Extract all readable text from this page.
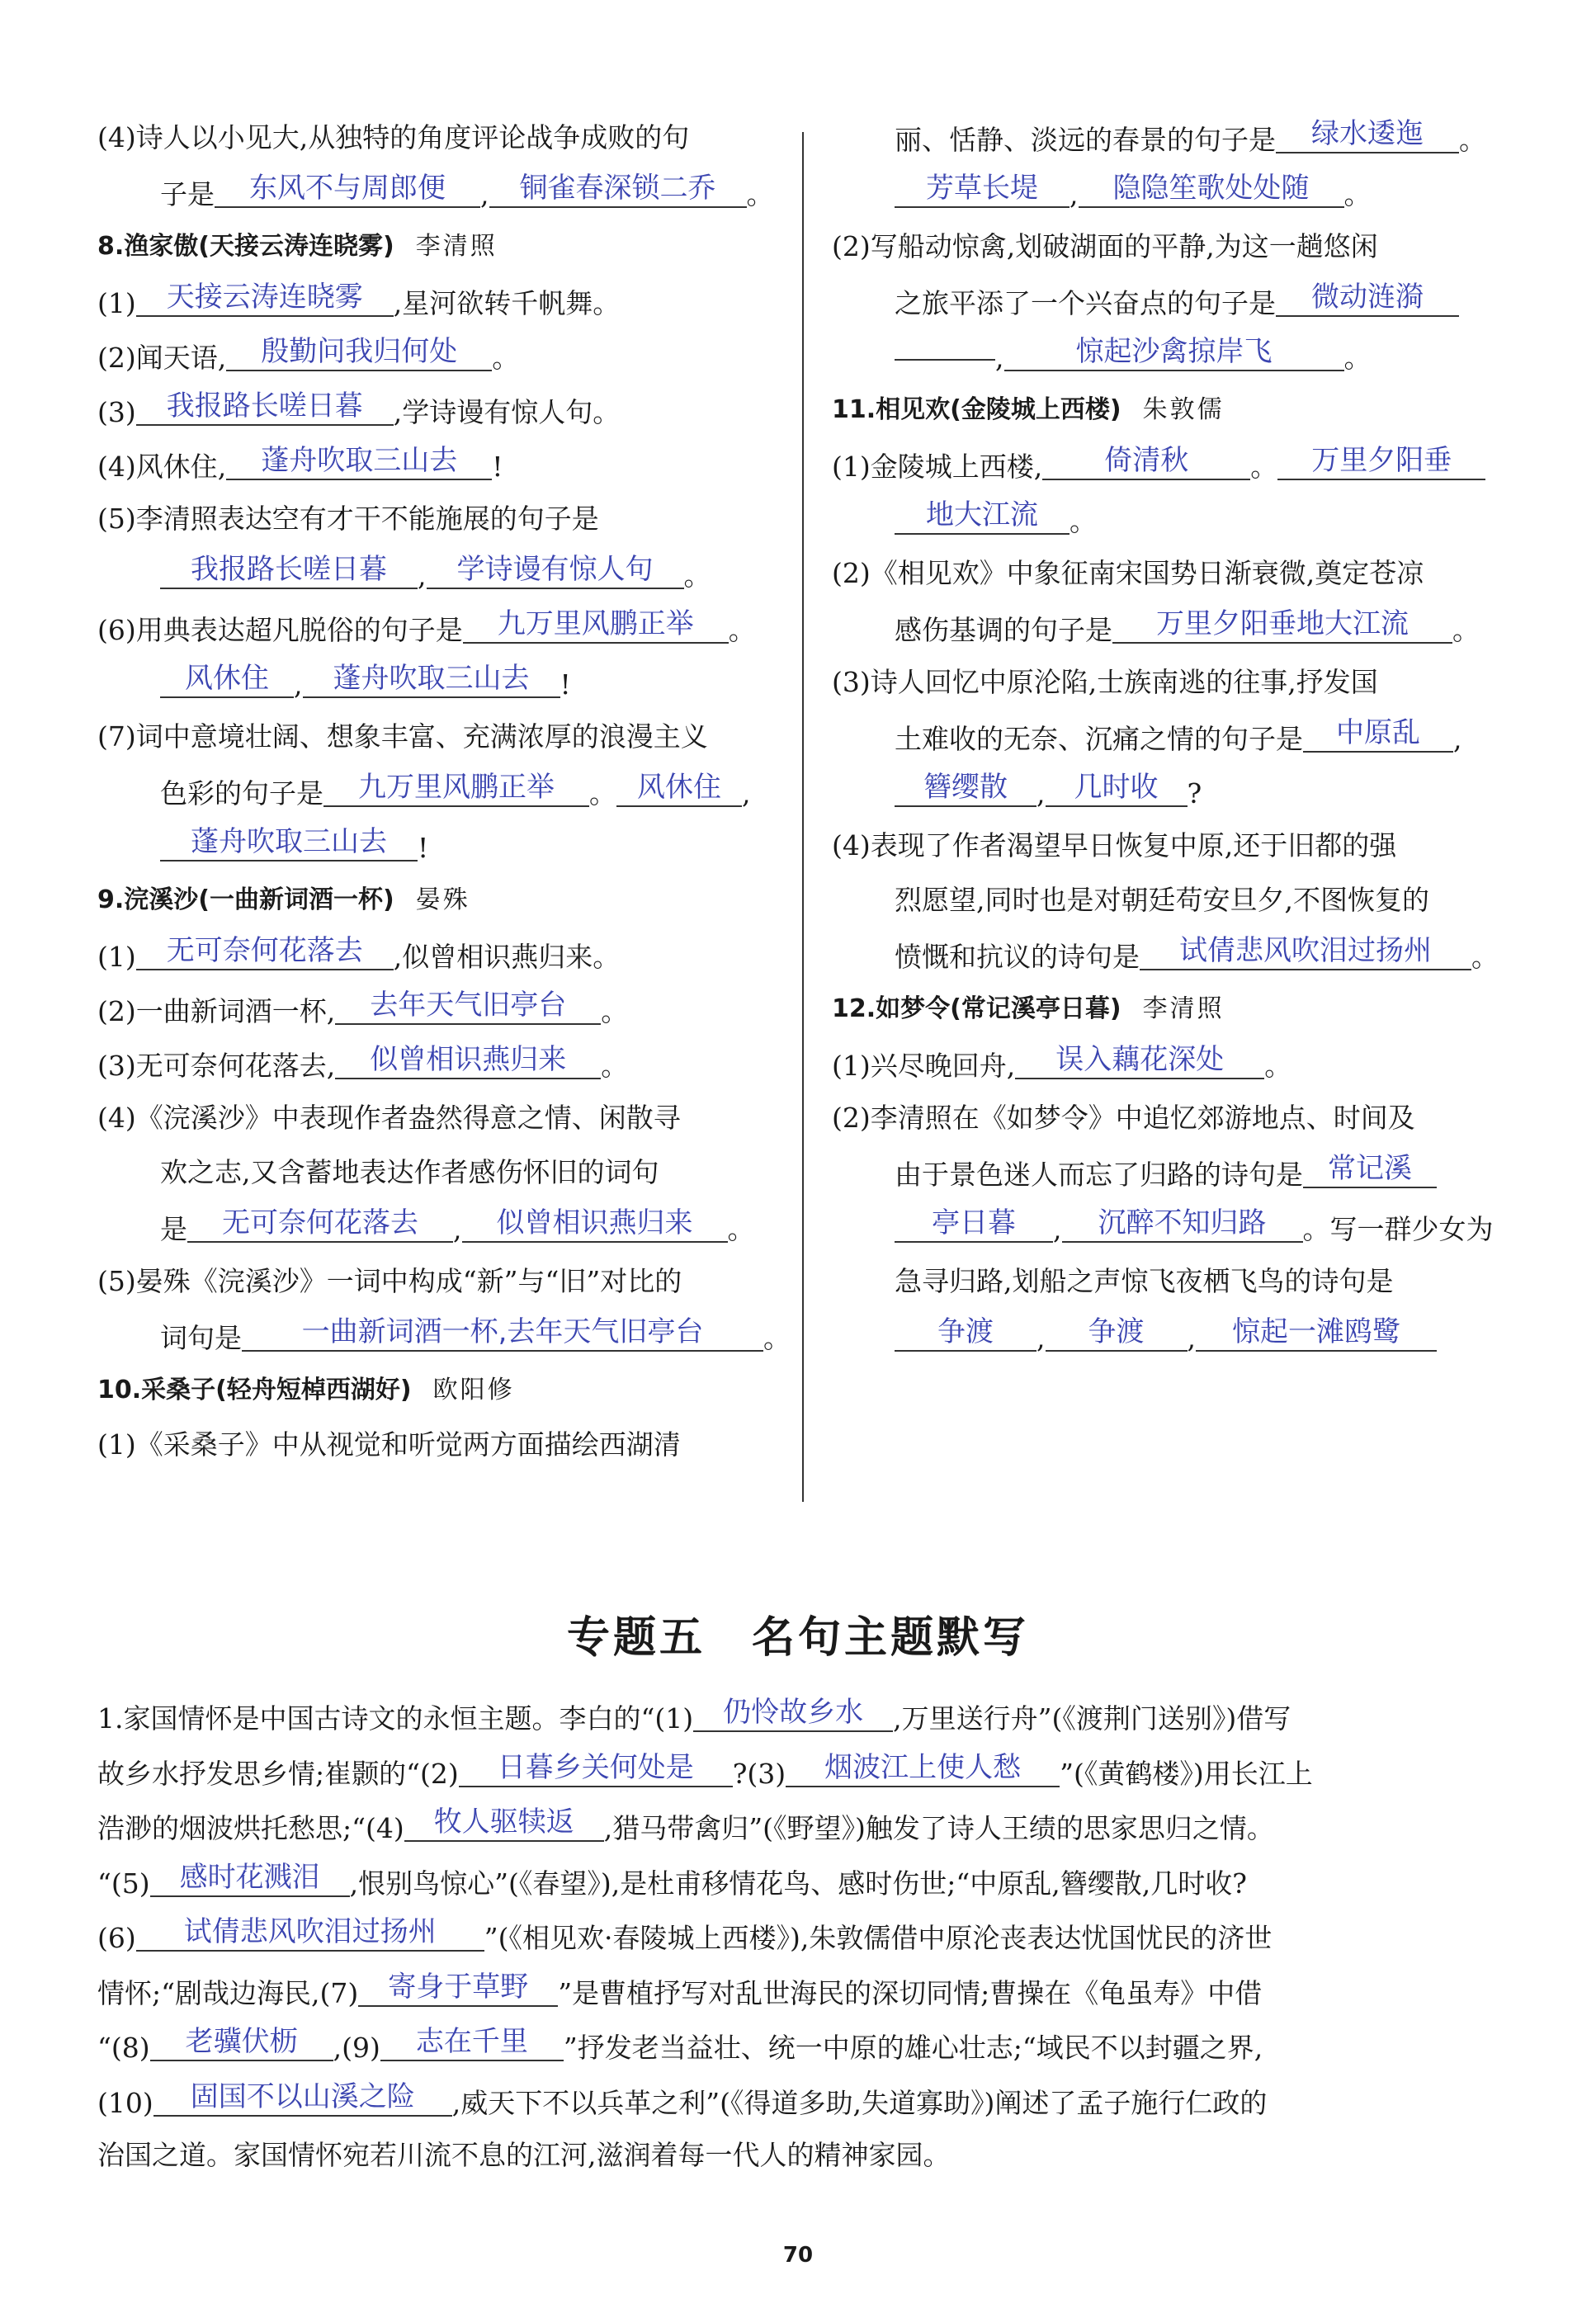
(4)诗人以小见大,从独特的角度评论战争成败的句
子是 东风不与周郎便 , 铜雀春深锁二乔 。
8.渔家傲(天接云涛连晓雾) 李清照
(1) 天接云涛连晓雾 ,星河欲转千帆舞。
(2)闻天语, 殷勤问我归何处 。
(3) 我报路长嗟日暮 ,学诗谩有惊人句。
(4)风休住, 蓬舟吹取三山去 !
(5)李清照表达空有才干不能施展的句子是
我报路长嗟日暮 , 学诗谩有惊人句 。
(6)用典表达超凡脱俗的句子是 九万里风鹏正举 。
风休住 , 蓬舟吹取三山去 !
(7)词中意境壮阔、想象丰富、充满浓厚的浪漫主义
色彩的句子是 九万里风鹏正举 。 风休住 ,
蓬舟吹取三山去 !
9.浣溪沙(一曲新词酒一杯) 晏殊
(1) 无可奈何花落去 ,似曾相识燕归来。
(2)一曲新词酒一杯, 去年天气旧亭台 。
(3)无可奈何花落去, 似曾相识燕归来 。
(4)《浣溪沙》中表现作者盎然得意之情、闲散寻
欢之志,又含蓄地表达作者感伤怀旧的词句
是 无可奈何花落去 , 似曾相识燕归来 。
(5)晏殊《浣溪沙》一词中构成“新”与“旧”对比的
词句是 一曲新词酒一杯,去年天气旧亭台 。
10.采桑子(轻舟短棹西湖好) 欧阳修
(1)《采桑子》中从视觉和听觉两方面描绘西湖清
丽、恬静、淡远的春景的句子是 绿水逶迤 。
芳草长堤 , 隐隐笙歌处处随 。
(2)写船动惊禽,划破湖面的平静,为这一趟悠闲
之旅平添了一个兴奋点的句子是 微动涟漪
,	惊起沙禽掠岸飞	。
11.相见欢(金陵城上西楼) 朱敦儒
(1)金陵城上西楼, 倚清秋 。 万里夕阳垂
地大江流 。
(2)《相见欢》中象征南宋国势日渐衰微,奠定苍凉
感伤基调的句子是 万里夕阳垂地大江流 。
(3)诗人回忆中原沦陷,士族南逃的往事,抒发国
土难收的无奈、沉痛之情的句子是 中原乱 ,
簪缨散 , 几时收 ?
(4)表现了作者渴望早日恢复中原,还于旧都的强
烈愿望,同时也是对朝廷苟安旦夕,不图恢复的
愤慨和抗议的诗句是 试倩悲风吹泪过扬州 。
12.如梦令(常记溪亭日暮) 李清照
(1)兴尽晚回舟, 误入藕花深处 。
(2)李清照在《如梦令》中追忆郊游地点、时间及
由于景色迷人而忘了归路的诗句是 常记溪
亭日暮 , 沉醉不知归路 。写一群少女为
急寻归路,划船之声惊飞夜栖飞鸟的诗句是
争渡 , 争渡 , 惊起一滩鸥鹭
专题五　名句主题默写
1.家国情怀是中国古诗文的永恒主题。李白的“(1) 仍怜故乡水 ,万里送行舟”(《渡荆门送别》)借写
故乡水抒发思乡情;崔颢的“(2) 日暮乡关何处是 ?(3) 烟波江上使人愁 ”(《黄鹤楼》)用长江上
浩渺的烟波烘托愁思;“(4) 牧人驱犊返 ,猎马带禽归”(《野望》)触发了诗人王绩的思家思归之情。
“(5) 感时花溅泪 ,恨别鸟惊心”(《春望》),是杜甫移情花鸟、感时伤世;“中原乱,簪缨散,几时收?
(6) 试倩悲风吹泪过扬州 ”(《相见欢·春陵城上西楼》),朱敦儒借中原沦丧表达忧国忧民的济世
情怀;“剧哉边海民,(7) 寄身于草野 ”是曹植抒写对乱世海民的深切同情;曹操在《龟虽寿》中借
“(8) 老骥伏枥 ,(9) 志在千里 ”抒发老当益壮、统一中原的雄心壮志;“域民不以封疆之界,
(10) 固国不以山溪之险 ,威天下不以兵革之利”(《得道多助,失道寡助》)阐述了孟子施行仁政的
治国之道。家国情怀宛若川流不息的江河,滋润着每一代人的精神家园。
70
